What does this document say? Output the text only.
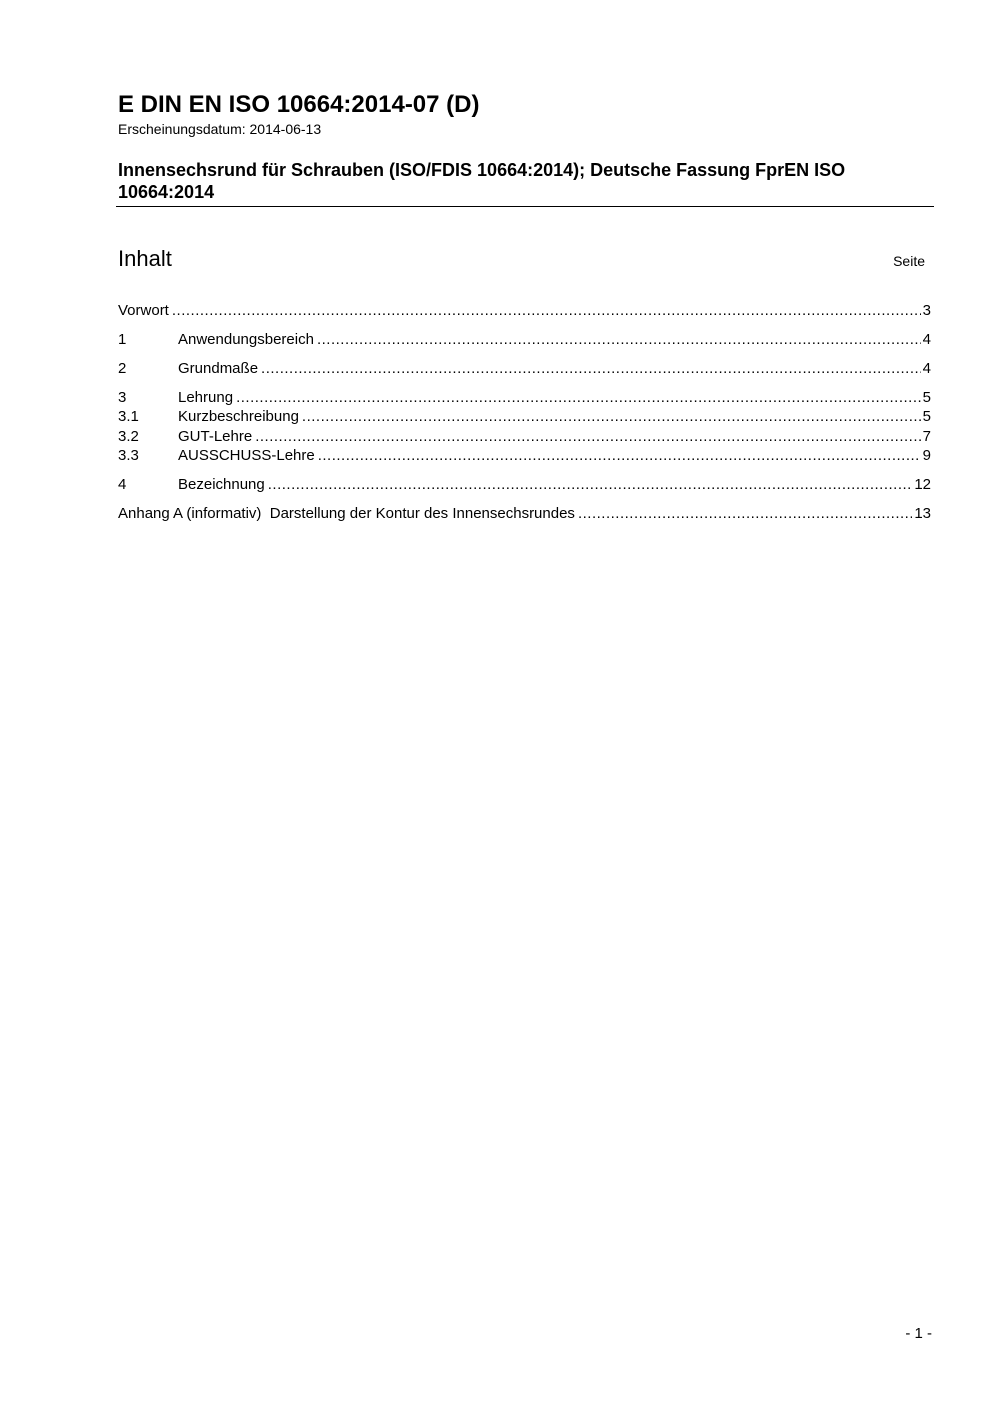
E DIN EN ISO 10664:2014-07 (D)
Erscheinungsdatum: 2014-06-13
Innensechsrund für Schrauben (ISO/FDIS 10664:2014); Deutsche Fassung FprEN ISO 10664:2014
Inhalt	Seite
Vorwort .....	3
1	Anwendungsbereich .....	4
2	Grundmaße .....	4
3	Lehrung .....	5
3.1	Kurzbeschreibung .....	5
3.2	GUT-Lehre .....	7
3.3	AUSSCHUSS-Lehre .....	9
4	Bezeichnung .....	12
Anhang A (informativ)  Darstellung der Kontur des Innensechsrundes .....	13
- 1 -
